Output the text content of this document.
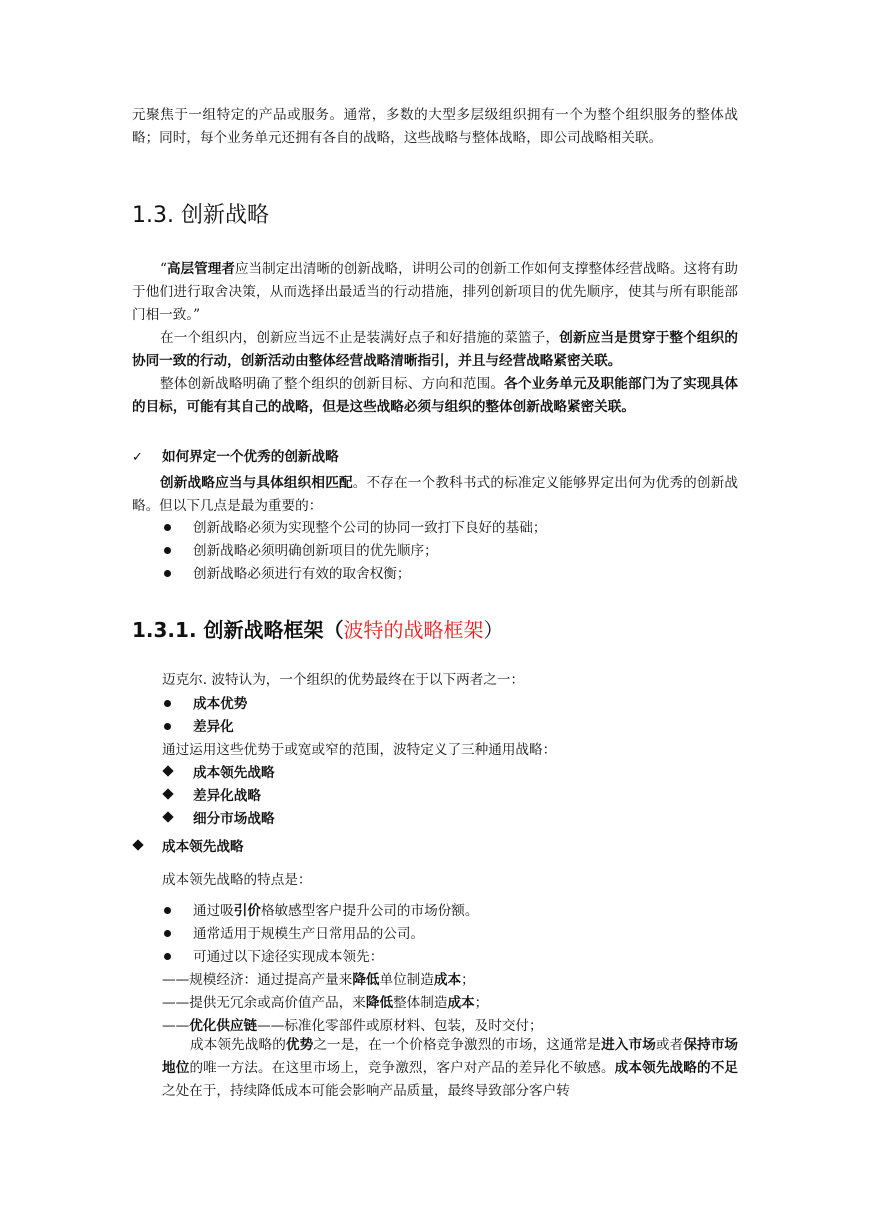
元聚焦于一组特定的产品或服务。通常，多数的大型多层级组织拥有一个为整个组织服务的整体战略；同时，每个业务单元还拥有各自的战略，这些战略与整体战略，即公司战略相关联。

1.3. 创新战略

“高层管理者应当制定出清晰的创新战略，讲明公司的创新工作如何支撑整体经营战略。这将有助于他们进行取舍决策，从而选择出最适当的行动措施，排列创新项目的优先顺序，使其与所有职能部门相一致。”

在一个组织内，创新应当远不止是装满好点子和好措施的菜篮子，创新应当是贯穿于整个组织的协同一致的行动，创新活动由整体经营战略清晰指引，并且与经营战略紧密关联。

整体创新战略明确了整个组织的创新目标、方向和范围。各个业务单元及职能部门为了实现具体的目标，可能有其自己的战略，但是这些战略必须与组织的整体创新战略紧密关联。

✓ 如何界定一个优秀的创新战略

创新战略应当与具体组织相匹配。不存在一个教科书式的标准定义能够界定出何为优秀的创新战略。但以下几点是最为重要的：

创新战略必须为实现整个公司的协同一致打下良好的基础；
创新战略必须明确创新项目的优先顺序；
创新战略必须进行有效的取舍权衡；
1.3.1. 创新战略框架（波特的战略框架）
迈克尔. 波特认为，一个组织的优势最终在于以下两者之一：
成本优势
差异化
通过运用这些优势于或宽或窄的范围，波特定义了三种通用战略：
成本领先战略
差异化战略
细分市场战略
成本领先战略
成本领先战略的特点是：
通过吸引价格敏感型客户提升公司的市场份额。
通常适用于规模生产日常用品的公司。
可通过以下途径实现成本领先：
——规模经济：通过提高产量来降低单位制造成本；
——提供无冗余或高价值产品，来降低整体制造成本；
——优化供应链——标准化零部件或原材料、包装，及时交付；

成本领先战略的优势之一是，在一个价格竞争激烈的市场，这通常是进入市场或者保持市场地位的唯一方法。在这里市场上，竞争激烈，客户对产品的差异化不敏感。成本领先战略的不足之处在于，持续降低成本可能会影响产品质量，最终导致部分客户转
